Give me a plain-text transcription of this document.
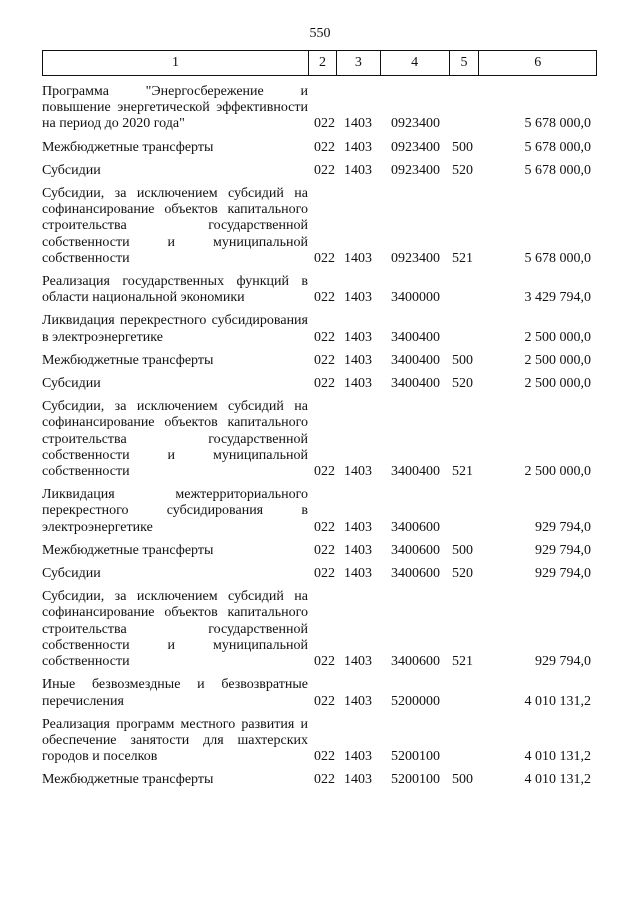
550
1	2	3	4	5	6
Программа "Энергосбережение и повышение энергетической эффективности на период до 2020 года"	022 1403	0923400	5 678 000,0
Межбюджетные трансферты	022 1403	0923400 500	5 678 000,0
Субсидии	022 1403	0923400 520	5 678 000,0
Субсидии, за исключением субсидий на софинансирование объектов капитального строительства государственной собственности и муниципальной собственности	022 1403	0923400 521	5 678 000,0
Реализация государственных функций в области национальной экономики	022 1403	3400000	3 429 794,0
Ликвидация перекрестного субсидирования в электроэнергетике	022 1403	3400400	2 500 000,0
Межбюджетные трансферты	022 1403	3400400 500	2 500 000,0
Субсидии	022 1403	3400400 520	2 500 000,0
Субсидии, за исключением субсидий на софинансирование объектов капитального строительства государственной собственности и муниципальной собственности	022 1403	3400400 521	2 500 000,0
Ликвидация межтерриториального перекрестного субсидирования в электроэнергетике	022 1403	3400600	929 794,0
Межбюджетные трансферты	022 1403	3400600 500	929 794,0
Субсидии	022 1403	3400600 520	929 794,0
Субсидии, за исключением субсидий на софинансирование объектов капитального строительства государственной собственности и муниципальной собственности	022 1403	3400600 521	929 794,0
Иные безвозмездные и безвозвратные перечисления	022 1403	5200000	4 010 131,2
Реализация программ местного развития и обеспечение занятости для шахтерских городов и поселков	022 1403	5200100	4 010 131,2
Межбюджетные трансферты	022 1403	5200100 500	4 010 131,2
